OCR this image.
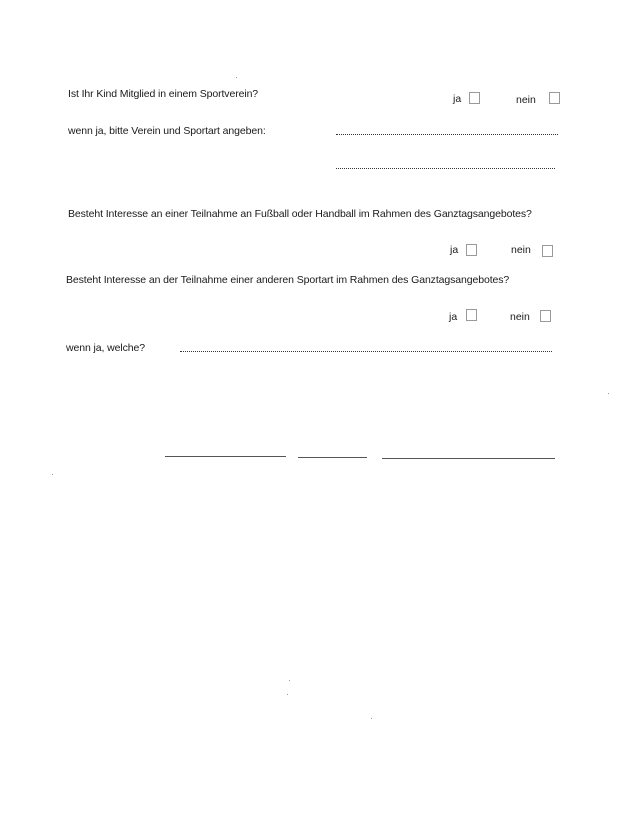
Ist Ihr Kind Mitglied in einem Sportverein?	ja	nein
wenn ja, bitte Verein und Sportart angeben:
Besteht Interesse an einer Teilnahme an Fußball oder Handball im Rahmen des Ganztagsangebotes?
ja	nein
Besteht Interesse an der Teilnahme einer anderen Sportart im Rahmen des Ganztagsangebotes?
ja	nein
wenn ja, welche?
